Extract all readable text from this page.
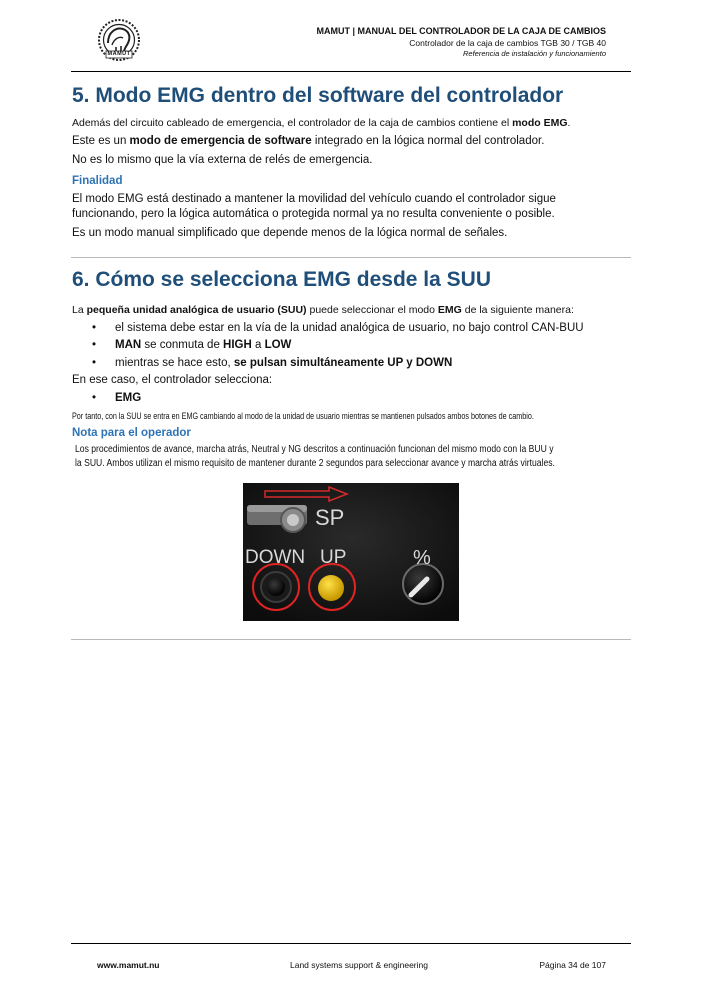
MAMUT
MAMUT | MANUAL DEL CONTROLADOR DE LA CAJA DE CAMBIOS
Controlador de la caja de cambios TGB 30 / TGB 40
Referencia de instalación y funcionamiento
5. Modo EMG dentro del software del controlador
Además del circuito cableado de emergencia, el controlador de la caja de cambios contiene el modo EMG.
Este es un modo de emergencia de software integrado en la lógica normal del controlador.
No es lo mismo que la vía externa de relés de emergencia.
Finalidad
El modo EMG está destinado a mantener la movilidad del vehículo cuando el controlador sigue
funcionando, pero la lógica automática o protegida normal ya no resulta conveniente o posible.
Es un modo manual simplificado que depende menos de la lógica normal de señales.
6. Cómo se selecciona EMG desde la SUU
La pequeña unidad analógica de usuario (SUU) puede seleccionar el modo EMG de la siguiente manera:
• el sistema debe estar en la vía de la unidad analógica de usuario, no bajo control CAN-BUU
• MAN se conmuta de HIGH a LOW
• mientras se hace esto, se pulsan simultáneamente UP y DOWN
En ese caso, el controlador selecciona:
• EMG
Por tanto, con la SUU se entra en EMG cambiando al modo de la unidad de usuario mientras se mantienen pulsados ambos botones de cambio.
Nota para el operador
Los procedimientos de avance, marcha atrás, Neutral y NG descritos a continuación funcionan del mismo modo con la BUU y
la SUU. Ambos utilizan el mismo requisito de mantener durante 2 segundos para seleccionar avance y marcha atrás virtuales.
SP
DOWN UP	%
www.mamut.nu	Land systems support & engineering	Página 34 de 107
